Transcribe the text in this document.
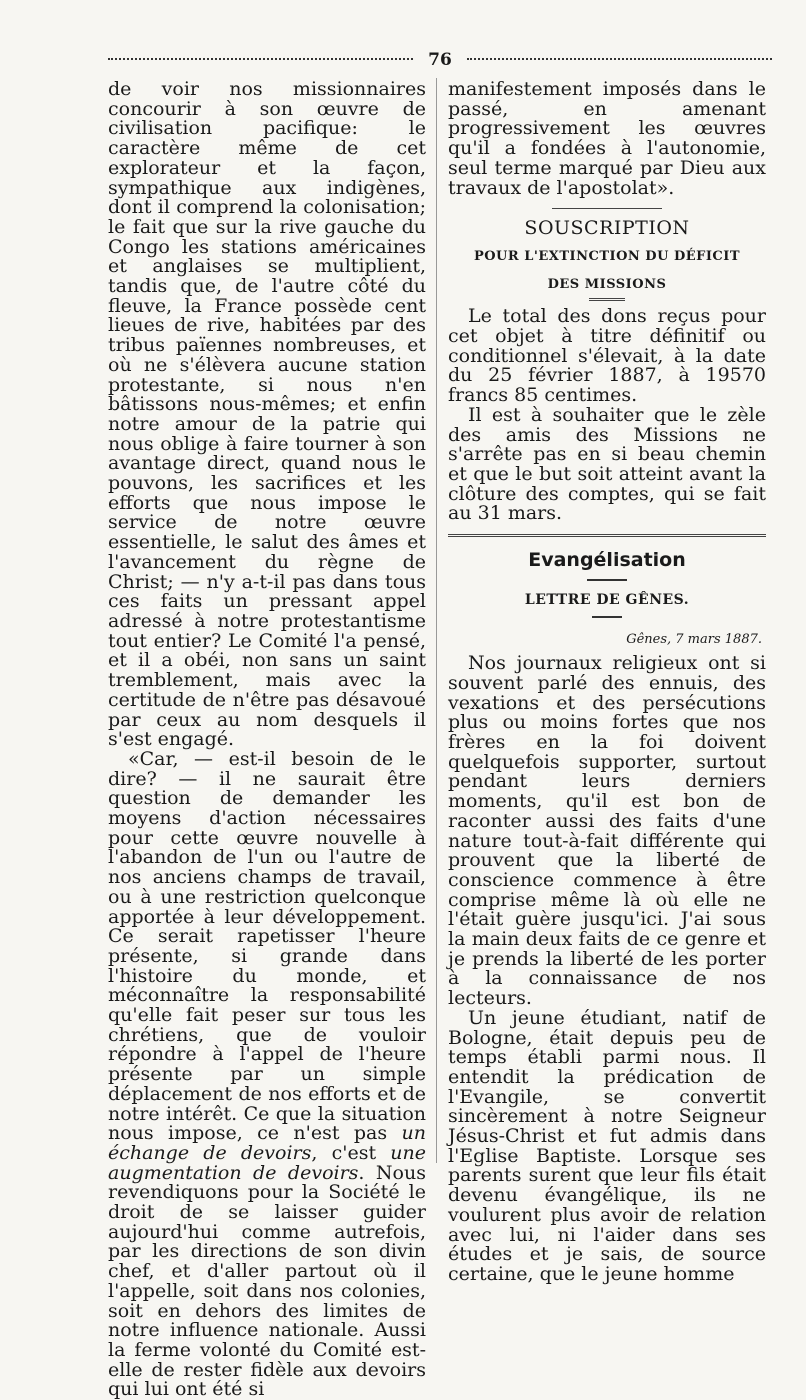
76

de voir nos missionnaires concourir à son œuvre de civilisation pacifique: le caractère même de cet explorateur et la façon, sympathique aux indigènes, dont il comprend la colonisation; le fait que sur la rive gauche du Congo les stations américaines et anglaises se multiplient, tandis que, de l'autre côté du fleuve, la France possède cent lieues de rive, habitées par des tribus païennes nombreuses, et où ne s'élèvera aucune station protestante, si nous n'en bâtissons nous-mêmes; et enfin notre amour de la patrie qui nous oblige à faire tourner à son avantage direct, quand nous le pouvons, les sacrifices et les efforts que nous impose le service de notre œuvre essentielle, le salut des âmes et l'avancement du règne de Christ; — n'y a-t-il pas dans tous ces faits un pressant appel adressé à notre protestantisme tout entier? Le Comité l'a pensé, et il a obéi, non sans un saint tremblement, mais avec la certitude de n'être pas désavoué par ceux au nom desquels il s'est engagé.

«Car, — est-il besoin de le dire? — il ne saurait être question de demander les moyens d'action nécessaires pour cette œuvre nouvelle à l'abandon de l'un ou l'autre de nos anciens champs de travail, ou à une restriction quelconque apportée à leur développement. Ce serait rapetisser l'heure présente, si grande dans l'histoire du monde, et méconnaître la responsabilité qu'elle fait peser sur tous les chrétiens, que de vouloir répondre à l'appel de l'heure présente par un simple déplacement de nos efforts et de notre intérêt. Ce que la situation nous impose, ce n'est pas un échange de devoirs, c'est une augmentation de devoirs. Nous revendiquons pour la Société le droit de se laisser guider aujourd'hui comme autrefois, par les directions de son divin chef, et d'aller partout où il l'appelle, soit dans nos colonies, soit en dehors des limites de notre influence nationale. Aussi la ferme volonté du Comité est-elle de rester fidèle aux devoirs qui lui ont été si

manifestement imposés dans le passé, en amenant progressivement les œuvres qu'il a fondées à l'autonomie, seul terme marqué par Dieu aux travaux de l'apostolat».

SOUSCRIPTION
POUR L'EXTINCTION DU DÉFICIT
DES MISSIONS

Le total des dons reçus pour cet objet à titre définitif ou conditionnel s'élevait, à la date du 25 février 1887, à 19570 francs 85 centimes.

Il est à souhaiter que le zèle des amis des Missions ne s'arrête pas en si beau chemin et que le but soit atteint avant la clôture des comptes, qui se fait au 31 mars.

Evangélisation
LETTRE DE GÊNES.
Gênes, 7 mars 1887.

Nos journaux religieux ont si souvent parlé des ennuis, des vexations et des persécutions plus ou moins fortes que nos frères en la foi doivent quelquefois supporter, surtout pendant leurs derniers moments, qu'il est bon de raconter aussi des faits d'une nature tout-à-fait différente qui prouvent que la liberté de conscience commence à être comprise même là où elle ne l'était guère jusqu'ici. J'ai sous la main deux faits de ce genre et je prends la liberté de les porter à la connaissance de nos lecteurs.

Un jeune étudiant, natif de Bologne, était depuis peu de temps établi parmi nous. Il entendit la prédication de l'Evangile, se convertit sincèrement à notre Seigneur Jésus-Christ et fut admis dans l'Eglise Baptiste. Lorsque ses parents surent que leur fils était devenu évangélique, ils ne voulurent plus avoir de relation avec lui, ni l'aider dans ses études et je sais, de source certaine, que le jeune homme
